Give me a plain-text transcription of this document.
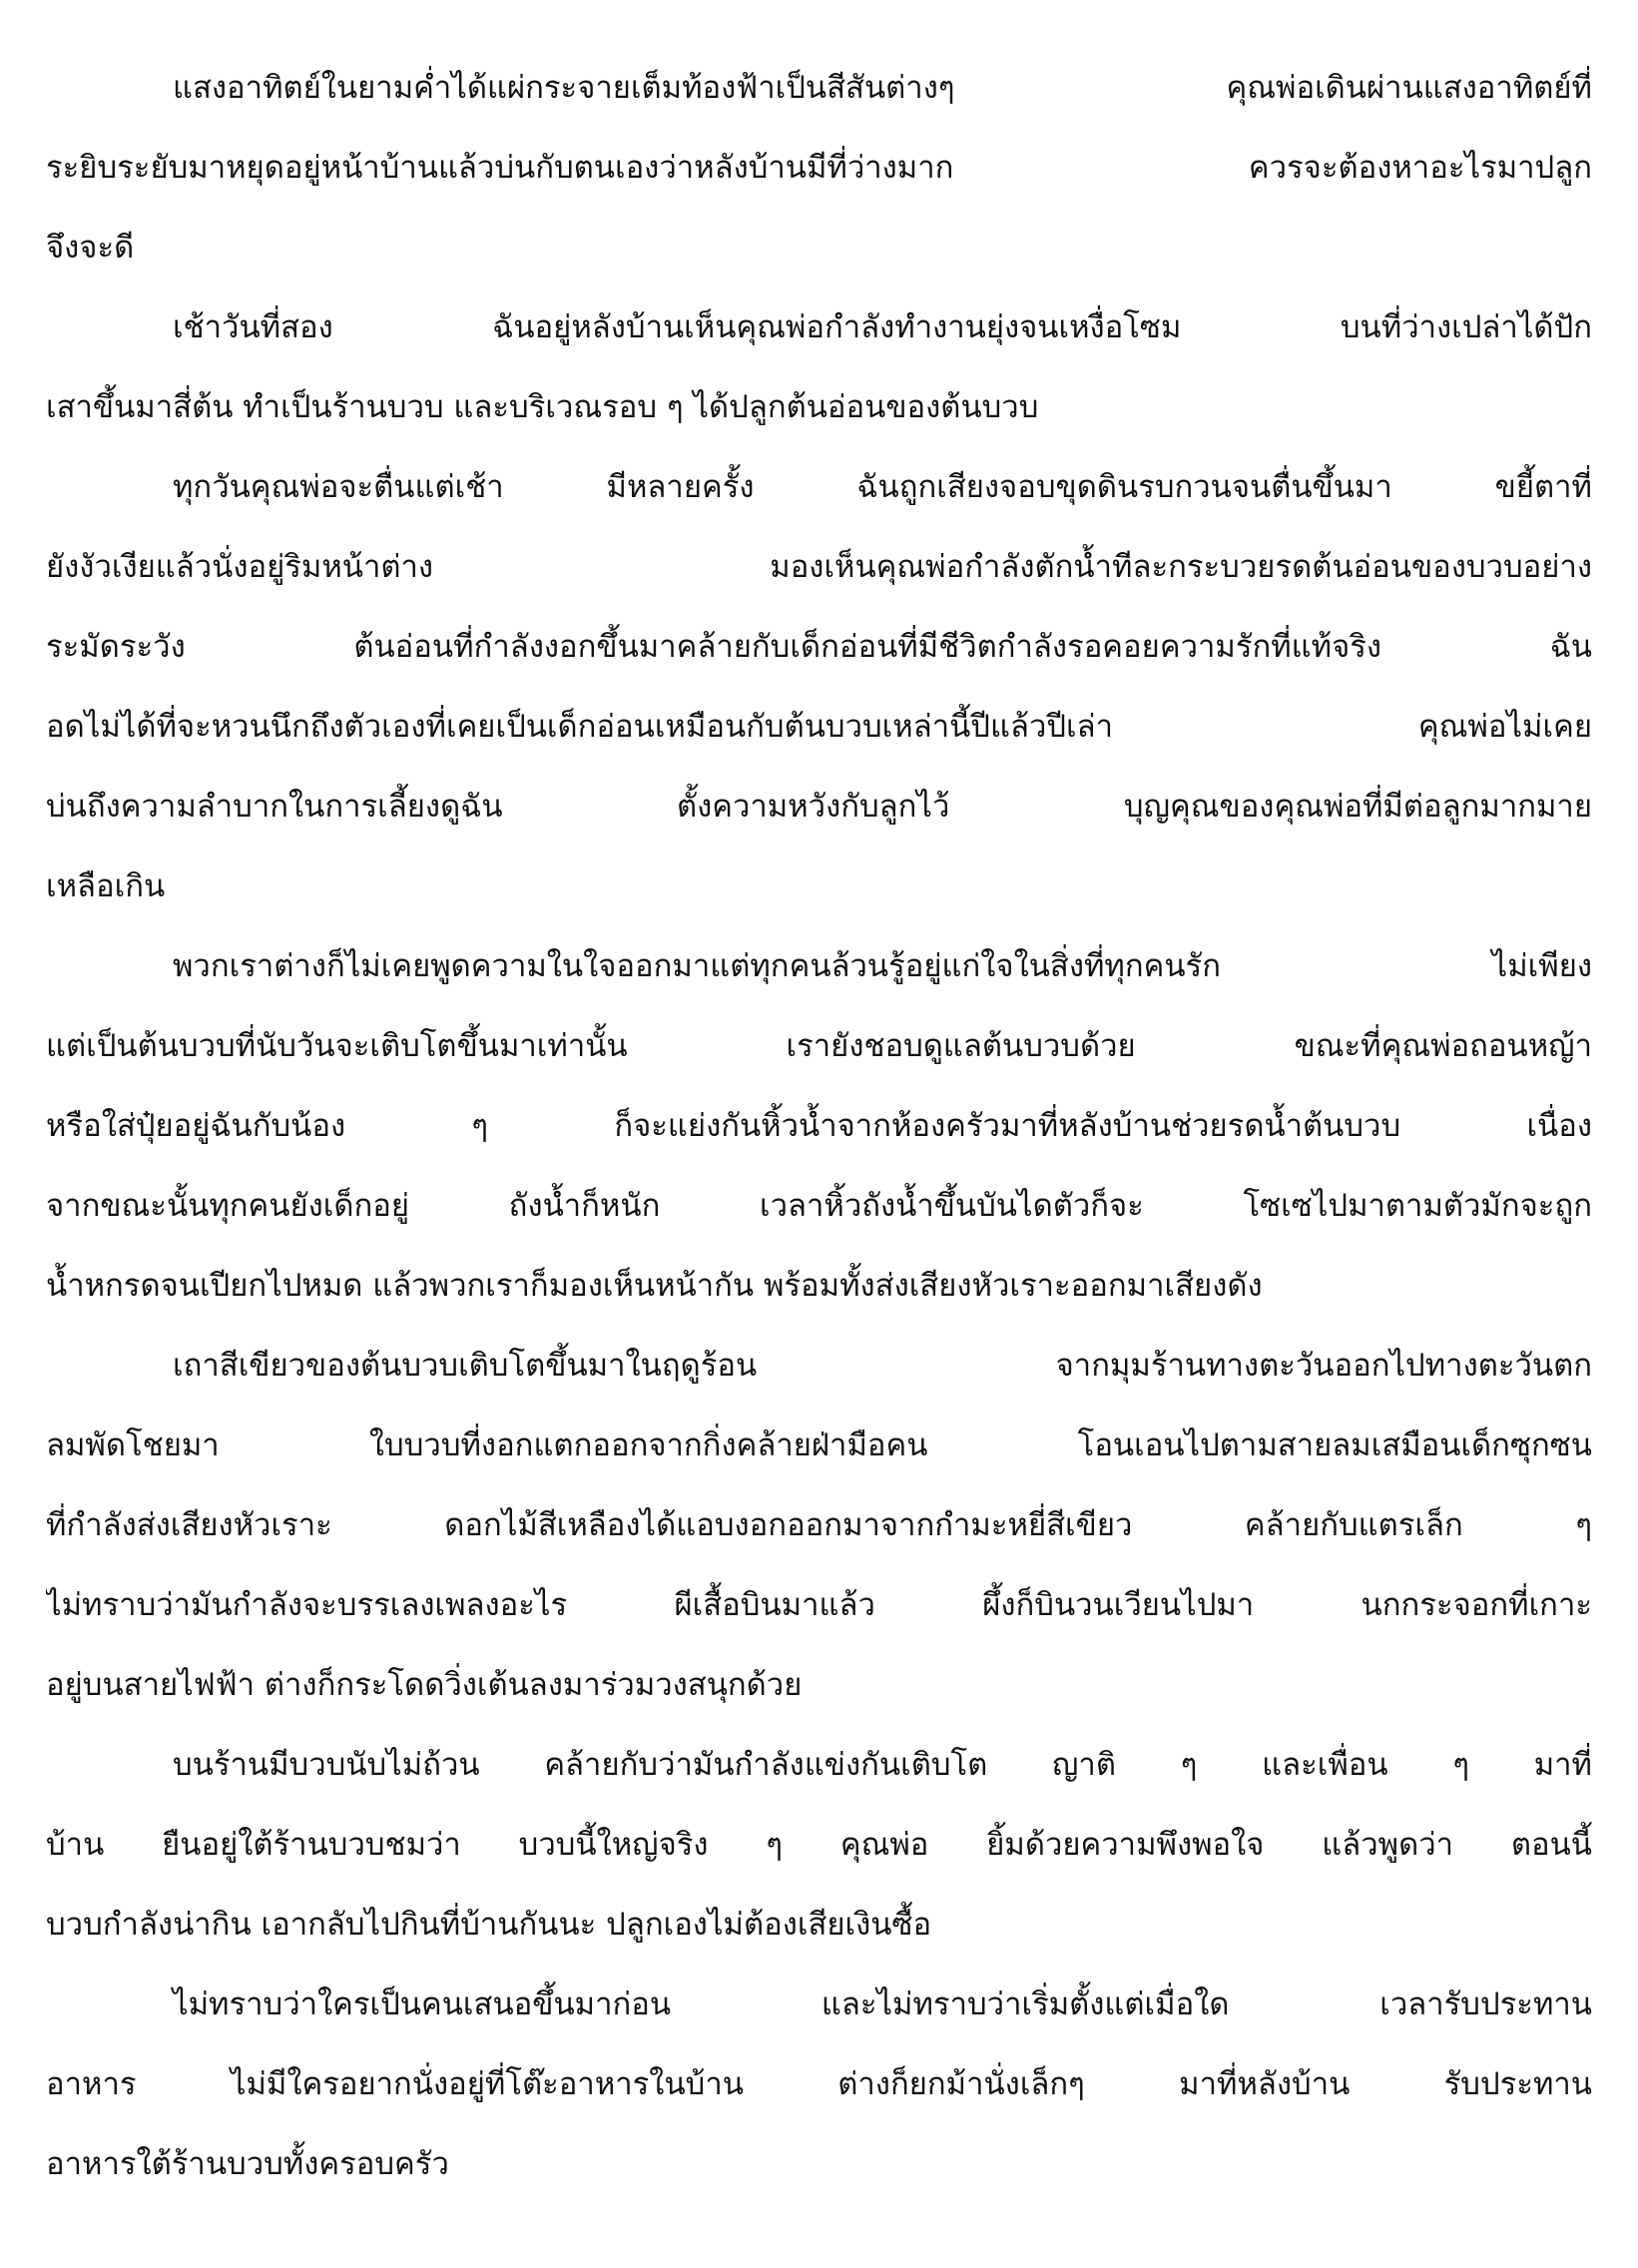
แสงอาทิตย์ในยามค่ำได้แผ่กระจายเต็มท้องฟ้าเป็นสีสันต่างๆ คุณพ่อเดินผ่านแสงอาทิตย์ที่
ระยิบระยับมาหยุดอยู่หน้าบ้านแล้วบ่นกับตนเองว่าหลังบ้านมีที่ว่างมาก ควรจะต้องหาอะไรมาปลูก
จึงจะดี
เช้าวันที่สอง ฉันอยู่หลังบ้านเห็นคุณพ่อกำลังทำงานยุ่งจนเหงื่อโซม บนที่ว่างเปล่าได้ปัก
เสาขึ้นมาสี่ต้น ทำเป็นร้านบวบ และบริเวณรอบ ๆ ได้ปลูกต้นอ่อนของต้นบวบ
ทุกวันคุณพ่อจะตื่นแต่เช้า มีหลายครั้ง ฉันถูกเสียงจอบขุดดินรบกวนจนตื่นขึ้นมา ขยี้ตาที่
ยังงัวเงียแล้วนั่งอยู่ริมหน้าต่าง มองเห็นคุณพ่อกำลังตักน้ำทีละกระบวยรดต้นอ่อนของบวบอย่าง
ระมัดระวัง ต้นอ่อนที่กำลังงอกขึ้นมาคล้ายกับเด็กอ่อนที่มีชีวิตกำลังรอคอยความรักที่แท้จริง ฉัน
อดไม่ได้ที่จะหวนนึกถึงตัวเองที่เคยเป็นเด็กอ่อนเหมือนกับต้นบวบเหล่านี้ปีแล้วปีเล่า คุณพ่อไม่เคย
บ่นถึงความลำบากในการเลี้ยงดูฉัน ตั้งความหวังกับลูกไว้ บุญคุณของคุณพ่อที่มีต่อลูกมากมาย
เหลือเกิน
พวกเราต่างก็ไม่เคยพูดความในใจออกมาแต่ทุกคนล้วนรู้อยู่แก่ใจในสิ่งที่ทุกคนรัก ไม่เพียง
แต่เป็นต้นบวบที่นับวันจะเติบโตขึ้นมาเท่านั้น เรายังชอบดูแลต้นบวบด้วย ขณะที่คุณพ่อถอนหญ้า
หรือใส่ปุ๋ยอยู่ฉันกับน้อง ๆ ก็จะแย่งกันหิ้วน้ำจากห้องครัวมาที่หลังบ้านช่วยรดน้ำต้นบวบ เนื่อง
จากขณะนั้นทุกคนยังเด็กอยู่ ถังน้ำก็หนัก เวลาหิ้วถังน้ำขึ้นบันไดตัวก็จะ โซเซไปมาตามตัวมักจะถูก
น้ำหกรดจนเปียกไปหมด แล้วพวกเราก็มองเห็นหน้ากัน พร้อมทั้งส่งเสียงหัวเราะออกมาเสียงดัง
เถาสีเขียวของต้นบวบเติบโตขึ้นมาในฤดูร้อน จากมุมร้านทางตะวันออกไปทางตะวันตก
ลมพัดโชยมา ใบบวบที่งอกแตกออกจากกิ่งคล้ายฝ่ามือคน โอนเอนไปตามสายลมเสมือนเด็กซุกซน
ที่กำลังส่งเสียงหัวเราะ ดอกไม้สีเหลืองได้แอบงอกออกมาจากกำมะหยี่สีเขียว คล้ายกับแตรเล็ก ๆ
ไม่ทราบว่ามันกำลังจะบรรเลงเพลงอะไร ผีเสื้อบินมาแล้ว ผึ้งก็บินวนเวียนไปมา นกกระจอกที่เกาะ
อยู่บนสายไฟฟ้า ต่างก็กระโดดวิ่งเต้นลงมาร่วมวงสนุกด้วย
บนร้านมีบวบนับไม่ถ้วน คล้ายกับว่ามันกำลังแข่งกันเติบโต ญาติ ๆ และเพื่อน ๆ มาที่
บ้าน ยืนอยู่ใต้ร้านบวบชมว่า บวบนี้ใหญ่จริง ๆ คุณพ่อ ยิ้มด้วยความพึงพอใจ แล้วพูดว่า ตอนนี้
บวบกำลังน่ากิน เอากลับไปกินที่บ้านกันนะ ปลูกเองไม่ต้องเสียเงินซื้อ
ไม่ทราบว่าใครเป็นคนเสนอขึ้นมาก่อน และไม่ทราบว่าเริ่มตั้งแต่เมื่อใด เวลารับประทาน
อาหาร ไม่มีใครอยากนั่งอยู่ที่โต๊ะอาหารในบ้าน ต่างก็ยกม้านั่งเล็กๆ มาที่หลังบ้าน รับประทาน
อาหารใต้ร้านบวบทั้งครอบครัว
